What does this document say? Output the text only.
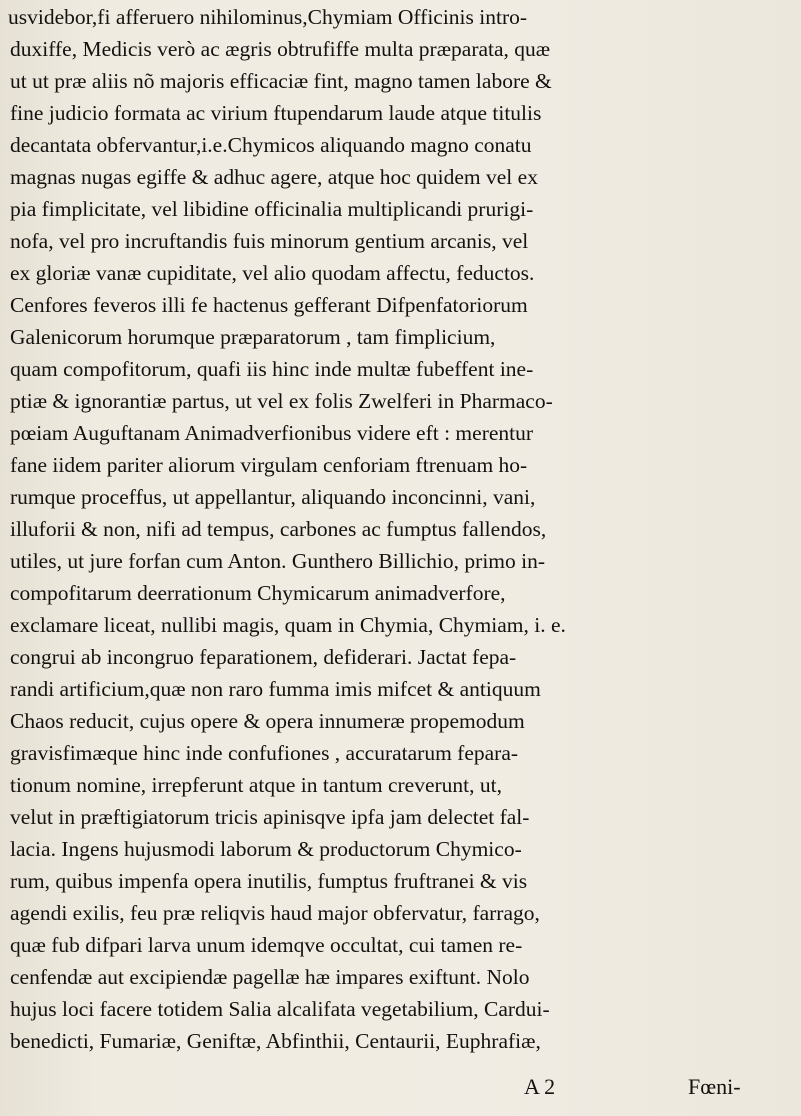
usvidebor,fi afferuero nihilominus,Chymiam Officinis intro-
duxiffe, Medicis verò ac ægris obtrufiffe multa præparata, quæ
ut ut præ aliis nõ majoris efficaciæ fint, magno tamen labore &
fine judicio formata ac virium ftupendarum laude atque titulis
decantata obfervantur,i.e.Chymicos aliquando magno conatu
magnas nugas egiffe & adhuc agere, atque hoc quidem vel ex
pia fimplicitate, vel libidine officinalia multiplicandi prurigi-
nofa, vel pro incruftandis fuis minorum gentium arcanis, vel
ex gloriæ vanæ cupiditate, vel alio quodam affectu, feductos.
Cenfores feveros illi fe hactenus gefferant Difpenfatoriorum
Galenicorum horumque præparatorum , tam fimplicium,
quam compofitorum, quafi iis hinc inde multæ fubeffent ine-
ptiæ & ignorantiæ partus, ut vel ex folis Zwelferi in Pharmaco-
pœiam Auguftanam Animadverfionibus videre eft : merentur
fane iidem pariter aliorum virgulam cenforiam ftrenuam ho-
rumque proceffus, ut appellantur, aliquando inconcinni, vani,
illuforii & non, nifi ad tempus, carbones ac fumptus fallendos,
utiles, ut jure forfan cum Anton. Gunthero Billichio, primo in-
compofitarum deerrationum Chymicarum animadverfore,
exclamare liceat, nullibi magis, quam in Chymia, Chymiam, i. e.
congrui ab incongruo feparationem, defiderari. Jactat fepa-
randi artificium,quæ non raro fumma imis mifcet & antiquum
Chaos reducit, cujus opere & opera innumeræ propemodum
gravisfimæque hinc inde confufiones , accuratarum fepara-
tionum nomine, irrepferunt atque in tantum creverunt, ut,
velut in præftigiatorum tricis apinisqve ipfa jam delectet fal-
lacia. Ingens hujusmodi laborum & productorum Chymico-
rum, quibus impenfa opera inutilis, fumptus fruftranei & vis
agendi exilis, feu præ reliqvis haud major obfervatur, farrago,
quæ fub difpari larva unum idemqve occultat, cui tamen re-
cenfendæ aut excipiendæ pagellæ hæ impares exiftunt. Nolo
hujus loci facere totidem Salia alcalifata vegetabilium, Cardui-
benedicti, Fumariæ, Geniftæ, Abfinthii, Centaurii, Euphrafiæ,
A 2	Fœni-
